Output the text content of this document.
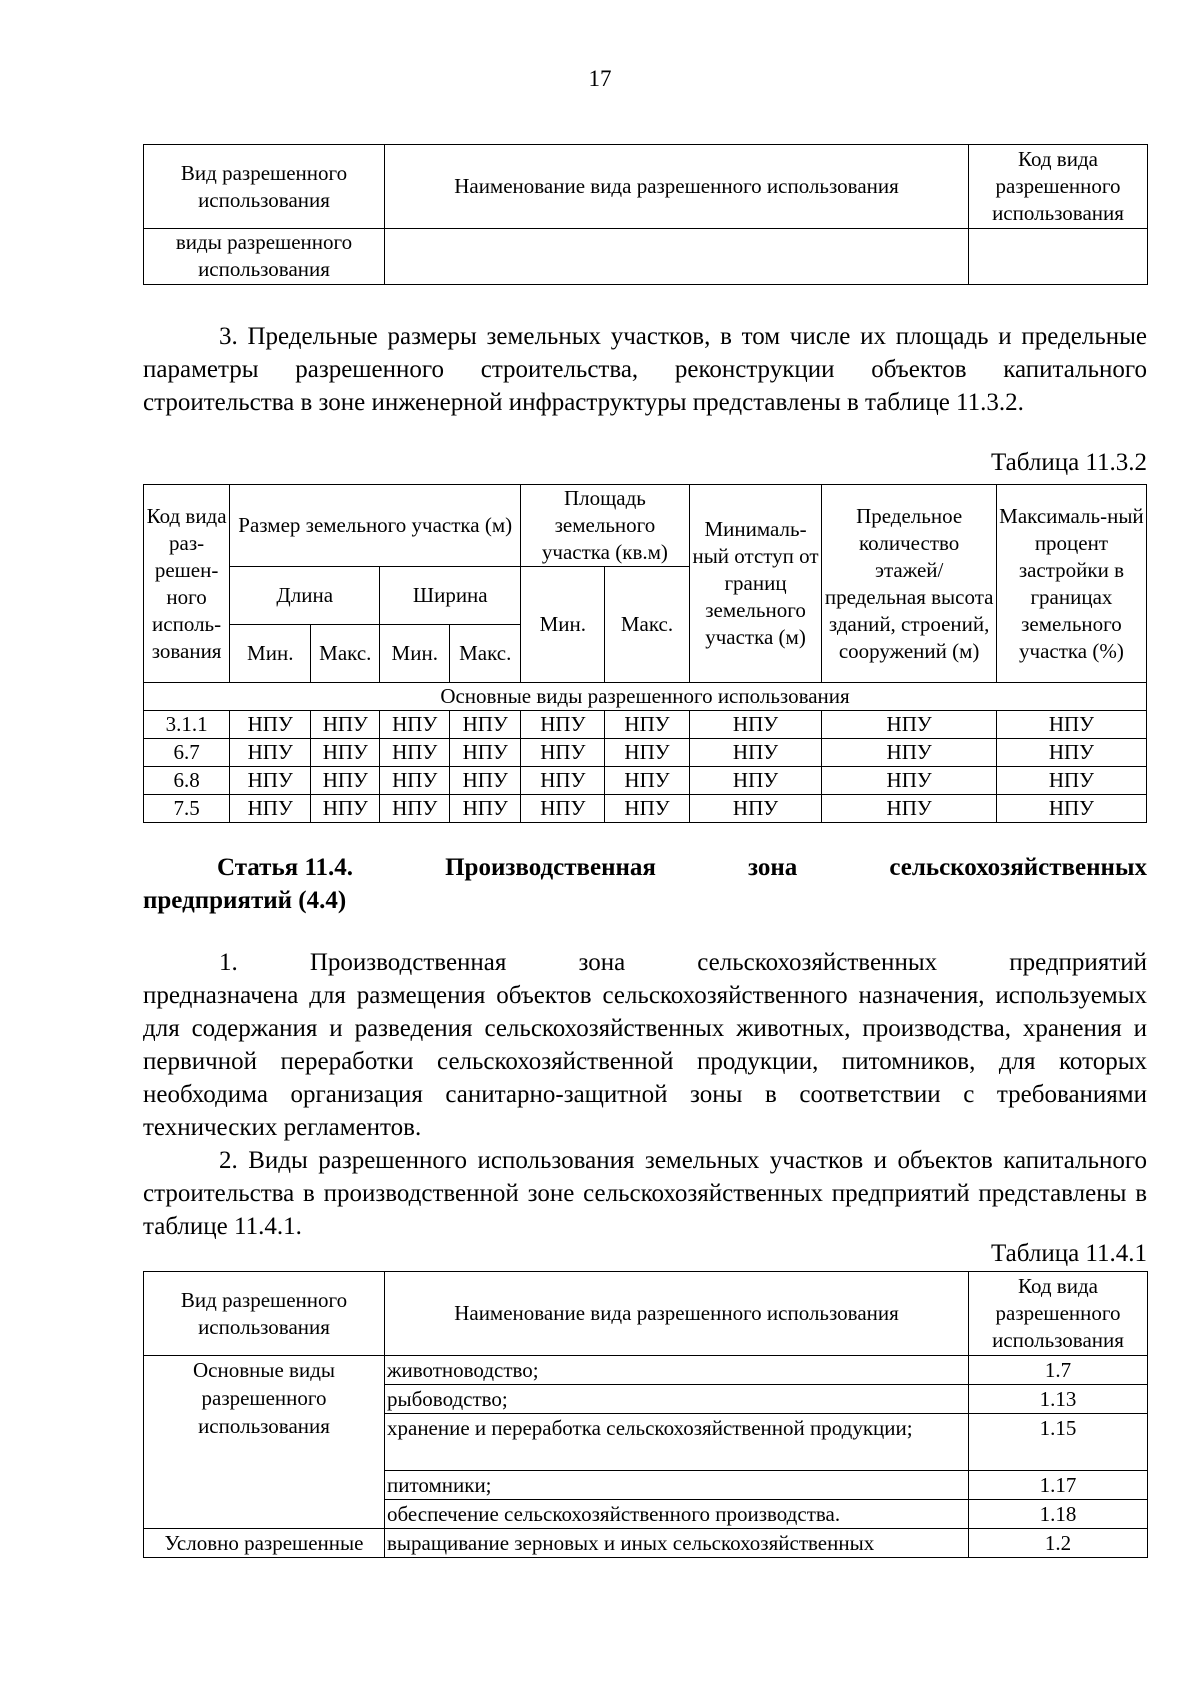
17
Вид разрешенного использования	Наименование вида разрешенного использования	Код вида разрешенного использования
виды разрешенного использования		

3. Предельные размеры земельных участков, в том числе их площадь и предельные параметры разрешенного строительства, реконструкции объектов капитального строительства в зоне инженерной инфраструктуры представлены в таблице 11.3.2.

Таблица 11.3.2
Код вида раз-решен-ного исполь-зования	Размер земельного участка (м)				Площадь земельного участка (кв.м)		Минималь-ный отступ от границ земельного участка (м)	Предельное количество этажей/ предельная высота зданий, строений, сооружений (м)	Максималь-ный процент застройки в границах земельного участка (%)
	Длина		Ширина		Мин.	Макс.			
	Мин.	Макс.	Мин.	Макс.					
Основные виды разрешенного использования									
3.1.1	НПУ	НПУ	НПУ	НПУ	НПУ	НПУ	НПУ	НПУ	НПУ
6.7	НПУ	НПУ	НПУ	НПУ	НПУ	НПУ	НПУ	НПУ	НПУ
6.8	НПУ	НПУ	НПУ	НПУ	НПУ	НПУ	НПУ	НПУ	НПУ
7.5	НПУ	НПУ	НПУ	НПУ	НПУ	НПУ	НПУ	НПУ	НПУ
Статья 11.4.	Производственная	зона	сельскохозяйственных
предприятий (4.4)

1. Производственная зона сельскохозяйственных предприятий

предназначена для размещения объектов сельскохозяйственного назначения, используемых для содержания и разведения сельскохозяйственных животных, производства, хранения и первичной переработки сельскохозяйственной продукции, питомников, для которых необходима организация санитарно-защитной зоны в соответствии с требованиями технических регламентов.

2. Виды разрешенного использования земельных участков и объектов капитального строительства в производственной зоне сельскохозяйственных предприятий представлены в таблице 11.4.1.

Таблица 11.4.1
Вид разрешенного использования	Наименование вида разрешенного использования	Код вида разрешенного использования
Основные виды разрешенного использования	животноводство;	1.7
	рыбоводство;	1.13
	хранение и переработка сельскохозяйственной продукции;	1.15
	питомники;	1.17
	обеспечение сельскохозяйственного производства.	1.18
Условно разрешенные	выращивание зерновых и иных сельскохозяйственных	1.2
